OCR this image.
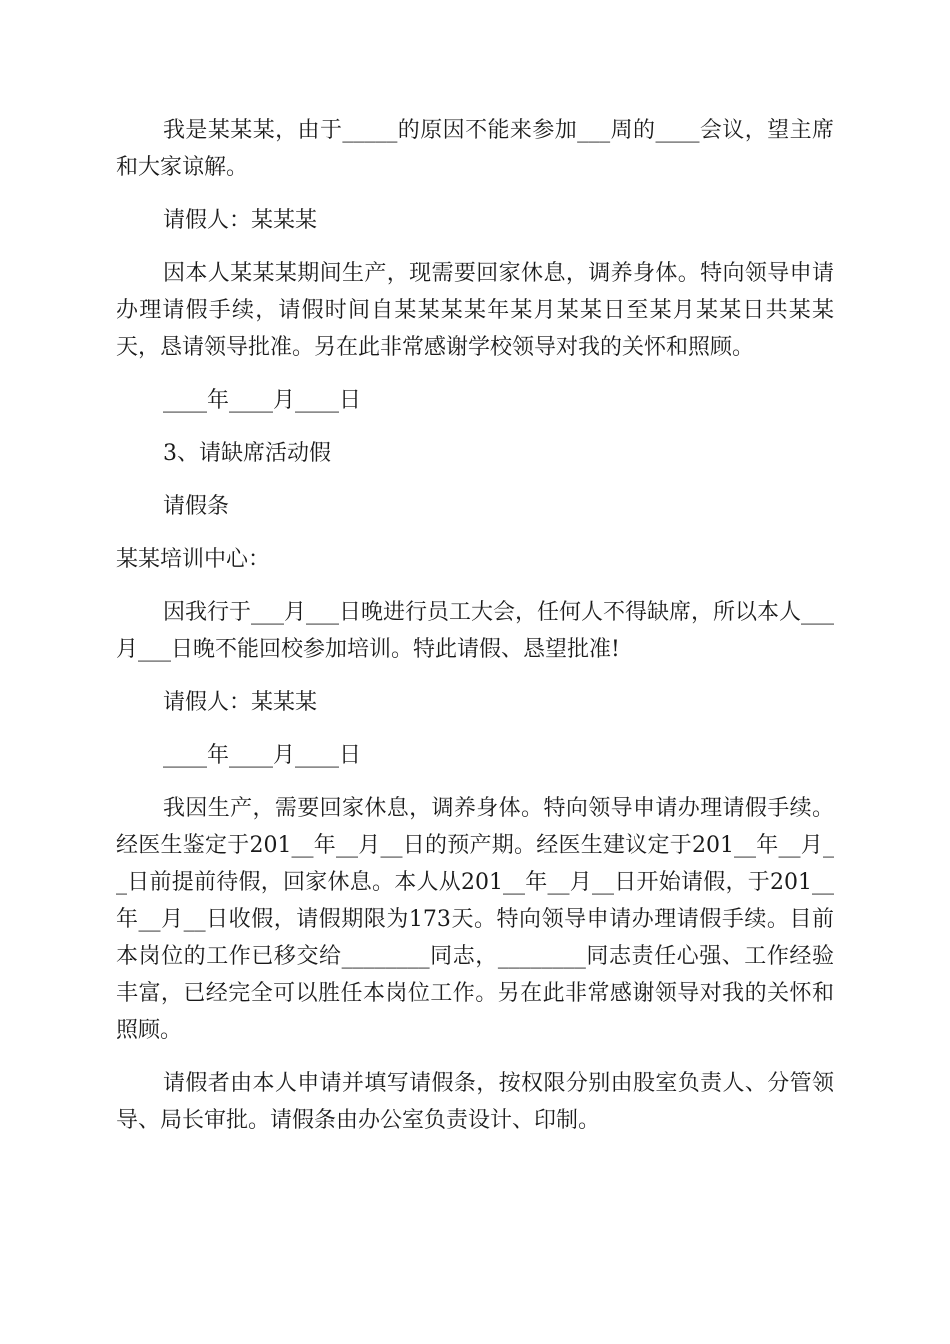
我是某某某，由于_____的原因不能来参加___周的____会议，望主席和大家谅解。

请假人：某某某

因本人某某某期间生产，现需要回家休息，调养身体。特向领导申请办理请假手续，请假时间自某某某某年某月某某日至某月某某日共某某天，恳请领导批准。另在此非常感谢学校领导对我的关怀和照顾。

____年____月____日

3、请缺席活动假

请假条

某某培训中心：

因我行于___月___日晚进行员工大会，任何人不得缺席，所以本人___月___日晚不能回校参加培训。特此请假、恳望批准!

请假人：某某某

____年____月____日

我因生产，需要回家休息，调养身体。特向领导申请办理请假手续。经医生鉴定于201__年__月__日的预产期。经医生建议定于201__年__月__日前提前待假，回家休息。本人从201__年__月__日开始请假，于201__年__月__日收假，请假期限为173天。特向领导申请办理请假手续。目前本岗位的工作已移交给________同志，________同志责任心强、工作经验丰富，已经完全可以胜任本岗位工作。另在此非常感谢领导对我的关怀和照顾。

请假者由本人申请并填写请假条，按权限分别由股室负责人、分管领导、局长审批。请假条由办公室负责设计、印制。
